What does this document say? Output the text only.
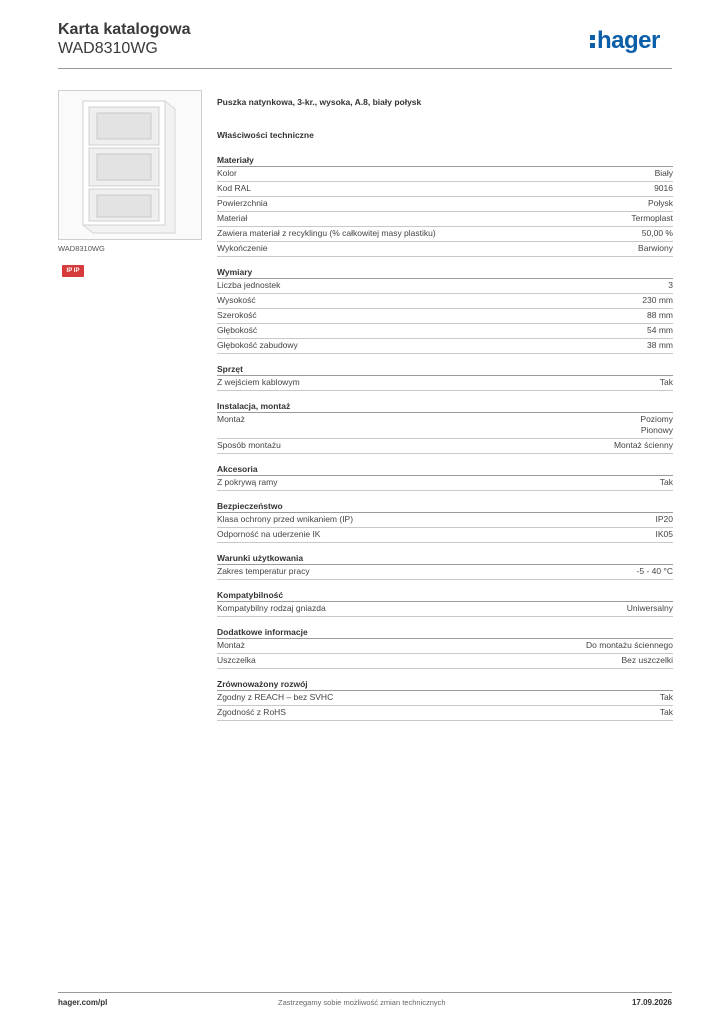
Karta katalogowa
WAD8310WG	hager
WAD8310WG
IP IP
Puszka natynkowa, 3-kr., wysoka, A.8, biały połysk
Właściwości techniczne
Materiały
Kolor	Biały
Kod RAL	9016
Powierzchnia	Połysk
Materiał	Termoplast
Zawiera materiał z recyklingu (% całkowitej masy plastiku)	50,00 %
Wykończenie	Barwiony
Wymiary
Liczba jednostek	3
Wysokość	230 mm
Szerokość	88 mm
Głębokość	54 mm
Głębokość zabudowy	38 mm
Sprzęt
Z wejściem kablowym	Tak
Instalacja, montaż
Montaż	Poziomy
Pionowy
Sposób montażu	Montaż ścienny
Akcesoria
Z pokrywą ramy	Tak
Bezpieczeństwo
Klasa ochrony przed wnikaniem (IP)	IP20
Odporność na uderzenie IK	IK05
Warunki użytkowania
Zakres temperatur pracy	-5 - 40 °C
Kompatybilność
Kompatybilny rodzaj gniazda	Uniwersalny
Dodatkowe informacje
Montaż	Do montażu ściennego
Uszczelka	Bez uszczelki
Zrównoważony rozwój
Zgodny z REACH – bez SVHC	Tak
Zgodność z RoHS	Tak
hager.com/pl	Zastrzegamy sobie możliwość zmian technicznych	17.09.2026
